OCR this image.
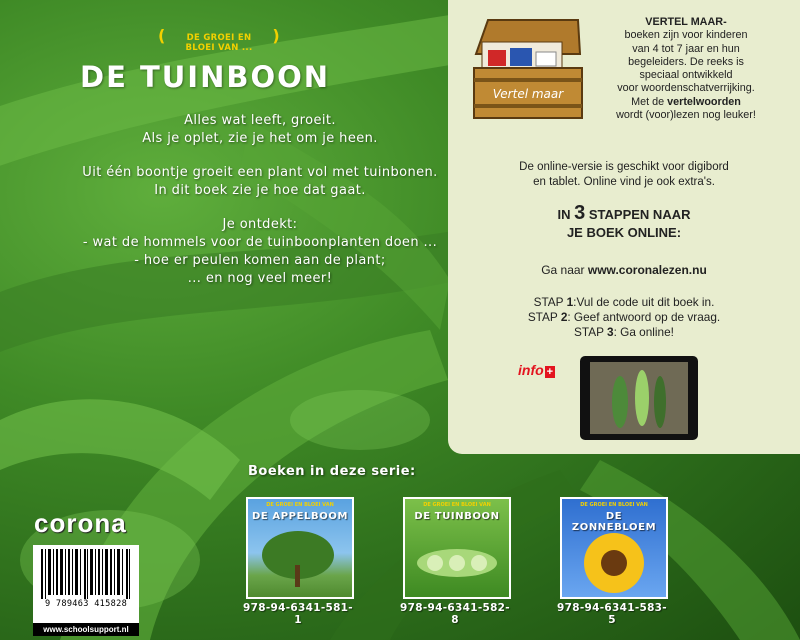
( DE GROEI EN BLOEI VAN ...
)
DE TUINBOON
Alles wat leeft, groeit.
Als je oplet, zie je het om je heen.
Uit één boontje groeit een plant vol met tuinbonen.
In dit boek zie je hoe dat gaat.
Je ontdekt:
- wat de hommels voor de tuinboonplanten doen ...
- hoe er peulen komen aan de plant;
... en nog veel meer!
Vertel maar
VERTEL MAAR-
boeken zijn voor kinderen
van 4 tot 7 jaar en hun
begeleiders. De reeks is
speciaal ontwikkeld
voor woordenschatverrijking.
Met de vertelwoorden
wordt (voor)lezen nog leuker!
De online-versie is geschikt voor digibord
en tablet. Online vind je ook extra's.
IN 3 STAPPEN NAAR
JE BOEK ONLINE:
Ga naar www.coronalezen.nu
STAP 1:Vul de code uit dit boek in.
STAP 2: Geef antwoord op de vraag.
STAP 3: Ga online!
info +
Boeken in deze serie:
DE GROEI EN BLOEI VAN
DE APPELBOOM
DE GROEI EN BLOEI VAN
DE TUINBOON
DE GROEI EN BLOEI VAN
DE ZONNEBLOEM
978-94-6341-581-1
978-94-6341-582-8
978-94-6341-583-5
corona
9 789463 415828
www.schoolsupport.nl
